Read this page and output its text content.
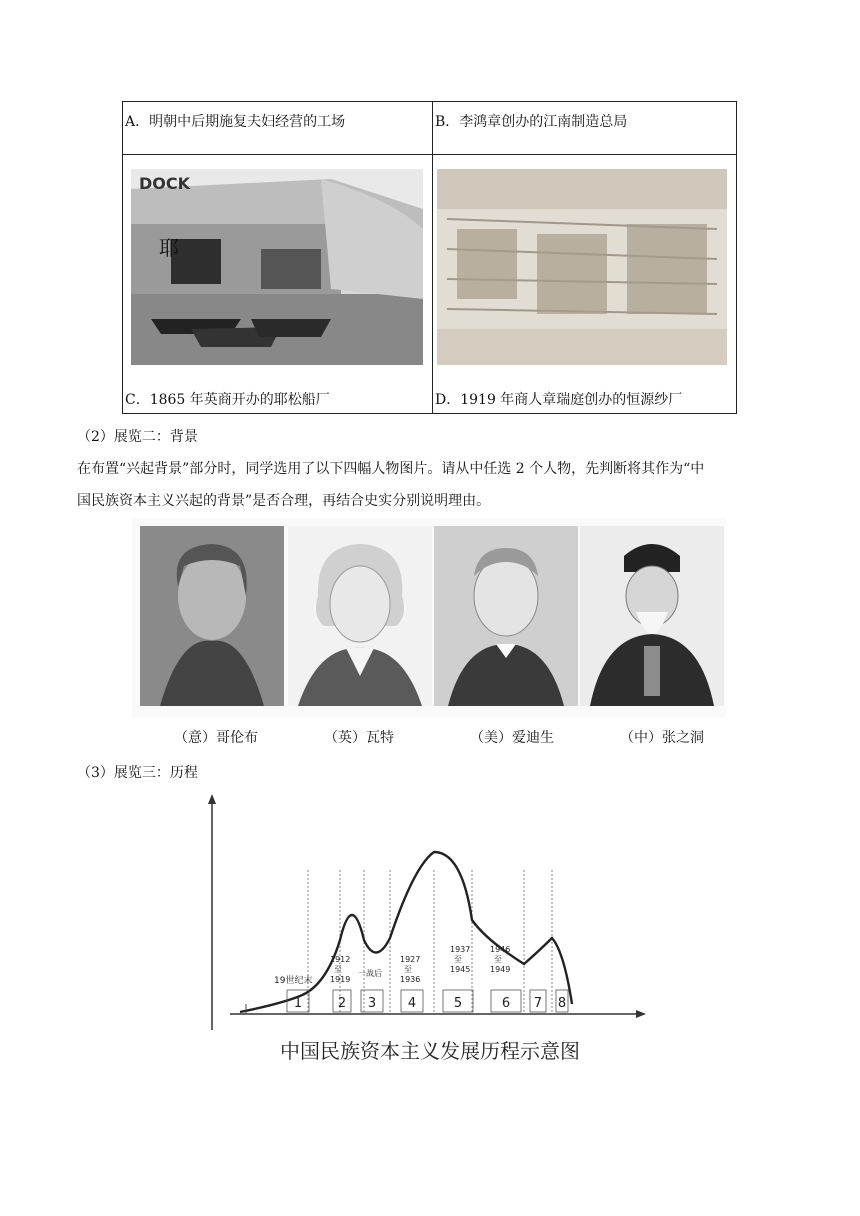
A．明朝中后期施复夫妇经营的工场	B．李鸿章创办的江南制造总局

DOCK
耶
C．1865 年英商开办的耶松船厂	D．1919 年商人章瑞庭创办的恒源纱厂
（2）展览二：背景
在布置“兴起背景”部分时，同学选用了以下四幅人物图片。请从中任选 2 个人物，先判断将其作为“中
国民族资本主义兴起的背景”是否合理，再结合史实分别说明理由。
（意）哥伦布	（英）瓦特	（美）爱迪生	（中）张之洞
（3）展览三：历程
19世纪末
1912
至
1919
一战后
1927
至
1936
1937
至
1945
1946
至
1949
1	2 3 4	5	6 7 8
中国民族资本主义发展历程示意图
